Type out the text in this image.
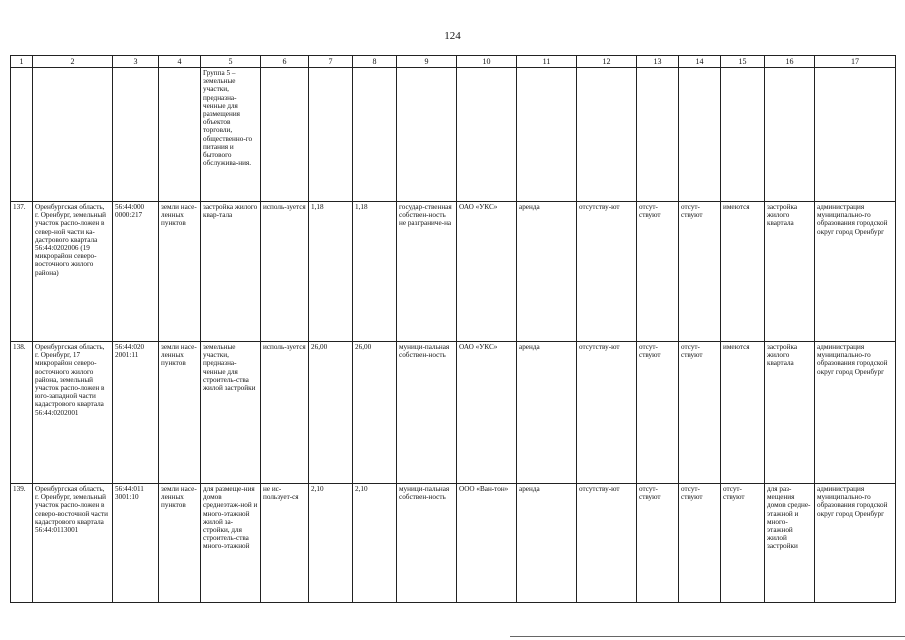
124
1	2	3	4	5	6	7	8	9	10	11	12	13	14	15	16	17
				Группа 5 – земельные участки, предназна-ченные для размещения объектов торговли, общественно-го питания и бытового обслужива-ния.												
137.	Оренбургская область, г. Оренбург, земельный участок распо-ложен в север-ной части ка-дастрового квартала 56:44:0202006 (19 микрорайон северо-восточного жилого района)	56:44:000 0000:217	земли насе-ленных пунктов	застройка жилого квар-тала	исполь-зуется	1,18	1,18	государ-ственная собствен-ность не разграниче-на	ОАО «УКС»	аренда	отсутству-ют	отсут-ствуют	отсут-ствуют	имеются	застройка жилого квартала	администрация муниципально-го образования городской округ город Оренбург
138.	Оренбургская область, г. Оренбург, 17 микрорайон северо-восточного жилого района, земельный участок распо-ложен в юго-западной части кадастрового квартала 56:44:0202001	56:44:020 2001:11	земли насе-ленных пунктов	земельные участки, предназна-ченные для строитель-ства жилой застройки	исполь-зуется	26,00	26,00	муници-пальная собствен-ность	ОАО «УКС»	аренда	отсутству-ют	отсут-ствуют	отсут-ствуют	имеются	застройка жилого квартала	администрация муниципально-го образования городской округ город Оренбург
139.	Оренбургская область, г. Оренбург, земельный участок распо-ложен в северо-восточной части кадастрового квартала 56:44:0113001	56:44:011 3001:10	земли насе-ленных пунктов	для размеще-ния домов среднеэтаж-ной и много-этажной жилой за-стройки, для строитель-ства много-этажной	не ис-пользует-ся	2,10	2,10	муници-пальная собствен-ность	ООО «Ван-тон»	аренда	отсутству-ют	отсут-ствуют	отсут-ствуют	отсут-ствуют	для раз-мещения домов средне-этажной и много-этажной жилой застройки	администрация муниципально-го образования городской округ город Оренбург
